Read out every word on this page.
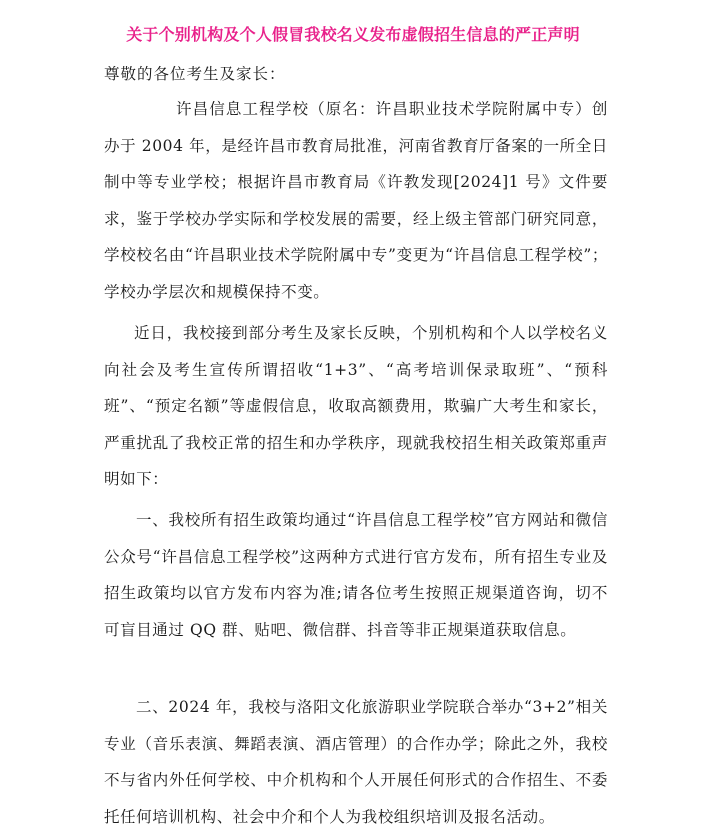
关于个别机构及个人假冒我校名义发布虚假招生信息的严正声明
尊敬的各位考生及家长：

许昌信息工程学校（原名：许昌职业技术学院附属中专）创办于 2004 年，是经许昌市教育局批准，河南省教育厅备案的一所全日制中等专业学校；根据许昌市教育局《许教发现[2024]1 号》文件要求，鉴于学校办学实际和学校发展的需要，经上级主管部门研究同意，学校校名由“许昌职业技术学院附属中专”变更为“许昌信息工程学校”；学校办学层次和规模保持不变。

近日，我校接到部分考生及家长反映，个别机构和个人以学校名义向社会及考生宣传所谓招收“1+3”、“高考培训保录取班”、“预科班”、“预定名额”等虚假信息，收取高额费用，欺骗广大考生和家长，严重扰乱了我校正常的招生和办学秩序，现就我校招生相关政策郑重声明如下：

一、我校所有招生政策均通过“许昌信息工程学校”官方网站和微信公众号“许昌信息工程学校”这两种方式进行官方发布，所有招生专业及招生政策均以官方发布内容为准;请各位考生按照正规渠道咨询，切不可盲目通过 QQ 群、贴吧、微信群、抖音等非正规渠道获取信息。

二、2024 年，我校与洛阳文化旅游职业学院联合举办“3+2”相关专业（音乐表演、舞蹈表演、酒店管理）的合作办学；除此之外，我校不与省内外任何学校、中介机构和个人开展任何形式的合作招生、不委托任何培训机构、社会中介和个人为我校组织培训及报名活动。
